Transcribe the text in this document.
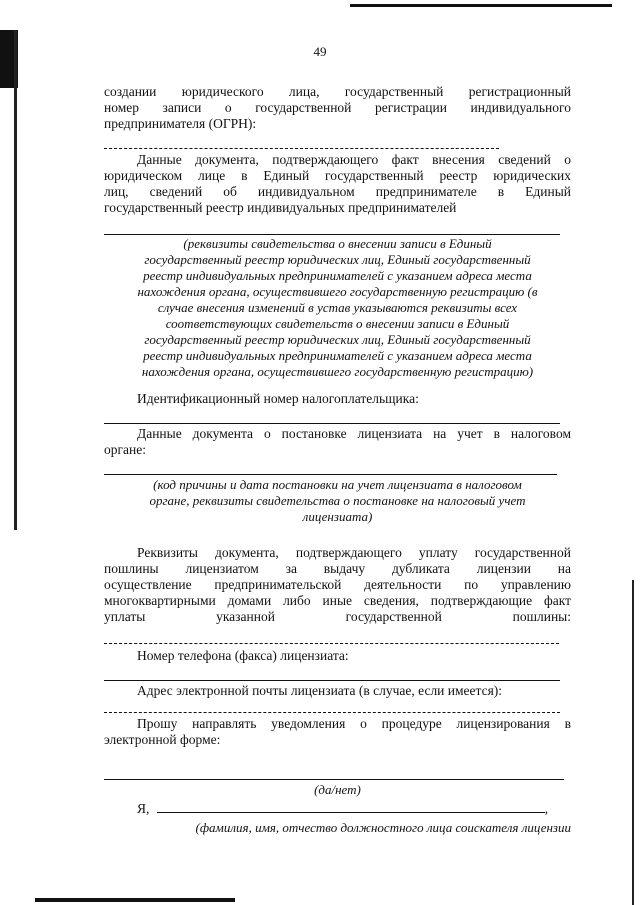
49
создании юридического лица, государственный регистрационный
номер записи о государственной регистрации индивидуального
предпринимателя (ОГРН):
Данные документа, подтверждающего факт внесения сведений о
юридическом лице в Единый государственный реестр юридических
лиц, сведений об индивидуальном предпринимателе в Единый
государственный реестр индивидуальных предпринимателей
(реквизиты свидетельства о внесении записи в Единый
государственный реестр юридических лиц, Единый государственный
реестр индивидуальных предпринимателей с указанием адреса места
нахождения органа, осуществившего государственную регистрацию (в
случае внесения изменений в устав указываются реквизиты всех
соответствующих свидетельств о внесении записи в Единый
государственный реестр юридических лиц, Единый государственный
реестр индивидуальных предпринимателей с указанием адреса места
нахождения органа, осуществившего государственную регистрацию)
Идентификационный номер налогоплательщика:
Данные документа о постановке лицензиата на учет в налоговом
органе:
(код причины и дата постановки на учет лицензиата в налоговом
органе, реквизиты свидетельства о постановке на налоговый учет
лицензиата)
Реквизиты документа, подтверждающего уплату государственной
пошлины лицензиатом за выдачу дубликата лицензии на
осуществление предпринимательской деятельности по управлению
многоквартирными домами либо иные сведения, подтверждающие факт
уплаты указанной государственной пошлины:
Номер телефона (факса) лицензиата:
Адрес электронной почты лицензиата (в случае, если имеется):
Прошу направлять уведомления о процедуре лицензирования в
электронной форме:
(да/нет)
Я,	,
(фамилия, имя, отчество должностного лица соискателя лицензии
